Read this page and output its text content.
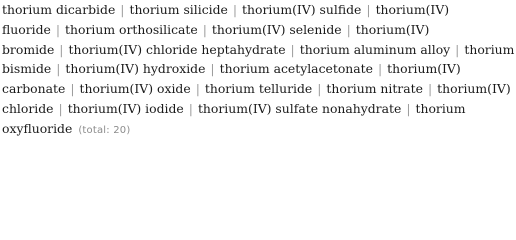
thorium dicarbide | thorium silicide | thorium(IV) sulfide | thorium(IV) fluoride | thorium orthosilicate | thorium(IV) selenide | thorium(IV) bromide | thorium(IV) chloride heptahydrate | thorium aluminum alloy | thorium bismide | thorium(IV) hydroxide | thorium acetylacetonate | thorium(IV) carbonate | thorium(IV) oxide | thorium telluride | thorium nitrate | thorium(IV) chloride | thorium(IV) iodide | thorium(IV) sulfate nonahydrate | thorium oxyfluoride (total: 20)
